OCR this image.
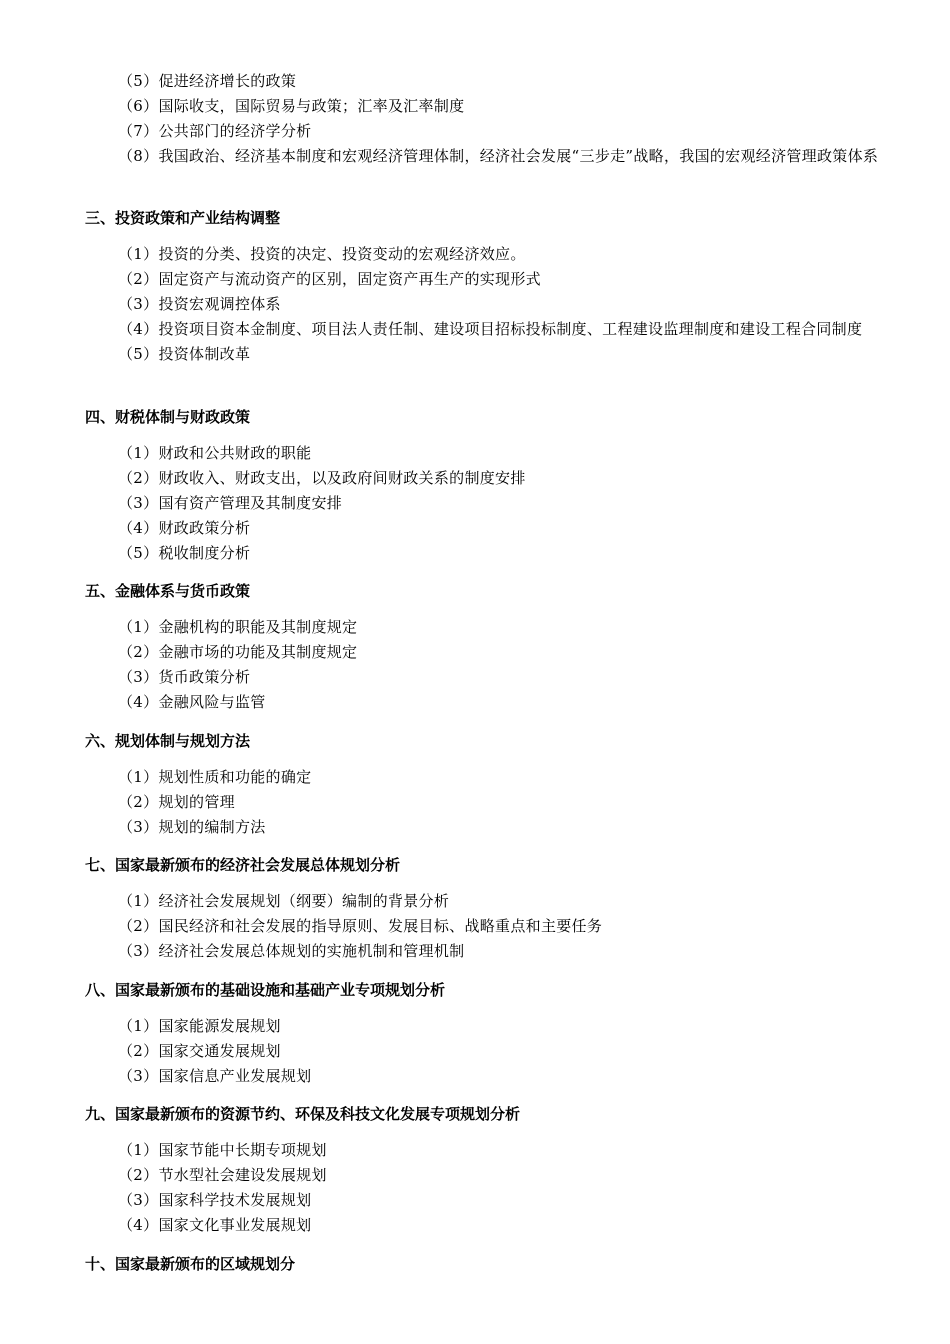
（5）促进经济增长的政策
（6）国际收支，国际贸易与政策；汇率及汇率制度
（7）公共部门的经济学分析
（8）我国政治、经济基本制度和宏观经济管理体制，经济社会发展“三步走”战略，我国的宏观经济管理政策体系
三、投资政策和产业结构调整
（1）投资的分类、投资的决定、投资变动的宏观经济效应。
（2）固定资产与流动资产的区别，固定资产再生产的实现形式
（3）投资宏观调控体系
（4）投资项目资本金制度、项目法人责任制、建设项目招标投标制度、工程建设监理制度和建设工程合同制度
（5）投资体制改革
四、财税体制与财政政策
（1）财政和公共财政的职能
（2）财政收入、财政支出，以及政府间财政关系的制度安排
（3）国有资产管理及其制度安排
（4）财政政策分析
（5）税收制度分析
五、金融体系与货币政策
（1）金融机构的职能及其制度规定
（2）金融市场的功能及其制度规定
（3）货币政策分析
（4）金融风险与监管
六、规划体制与规划方法
（1）规划性质和功能的确定
（2）规划的管理
（3）规划的编制方法
七、国家最新颁布的经济社会发展总体规划分析
（1）经济社会发展规划（纲要）编制的背景分析
（2）国民经济和社会发展的指导原则、发展目标、战略重点和主要任务
（3）经济社会发展总体规划的实施机制和管理机制
八、国家最新颁布的基础设施和基础产业专项规划分析
（1）国家能源发展规划
（2）国家交通发展规划
（3）国家信息产业发展规划
九、国家最新颁布的资源节约、环保及科技文化发展专项规划分析
（1）国家节能中长期专项规划
（2）节水型社会建设发展规划
（3）国家科学技术发展规划
（4）国家文化事业发展规划
十、国家最新颁布的区域规划分
